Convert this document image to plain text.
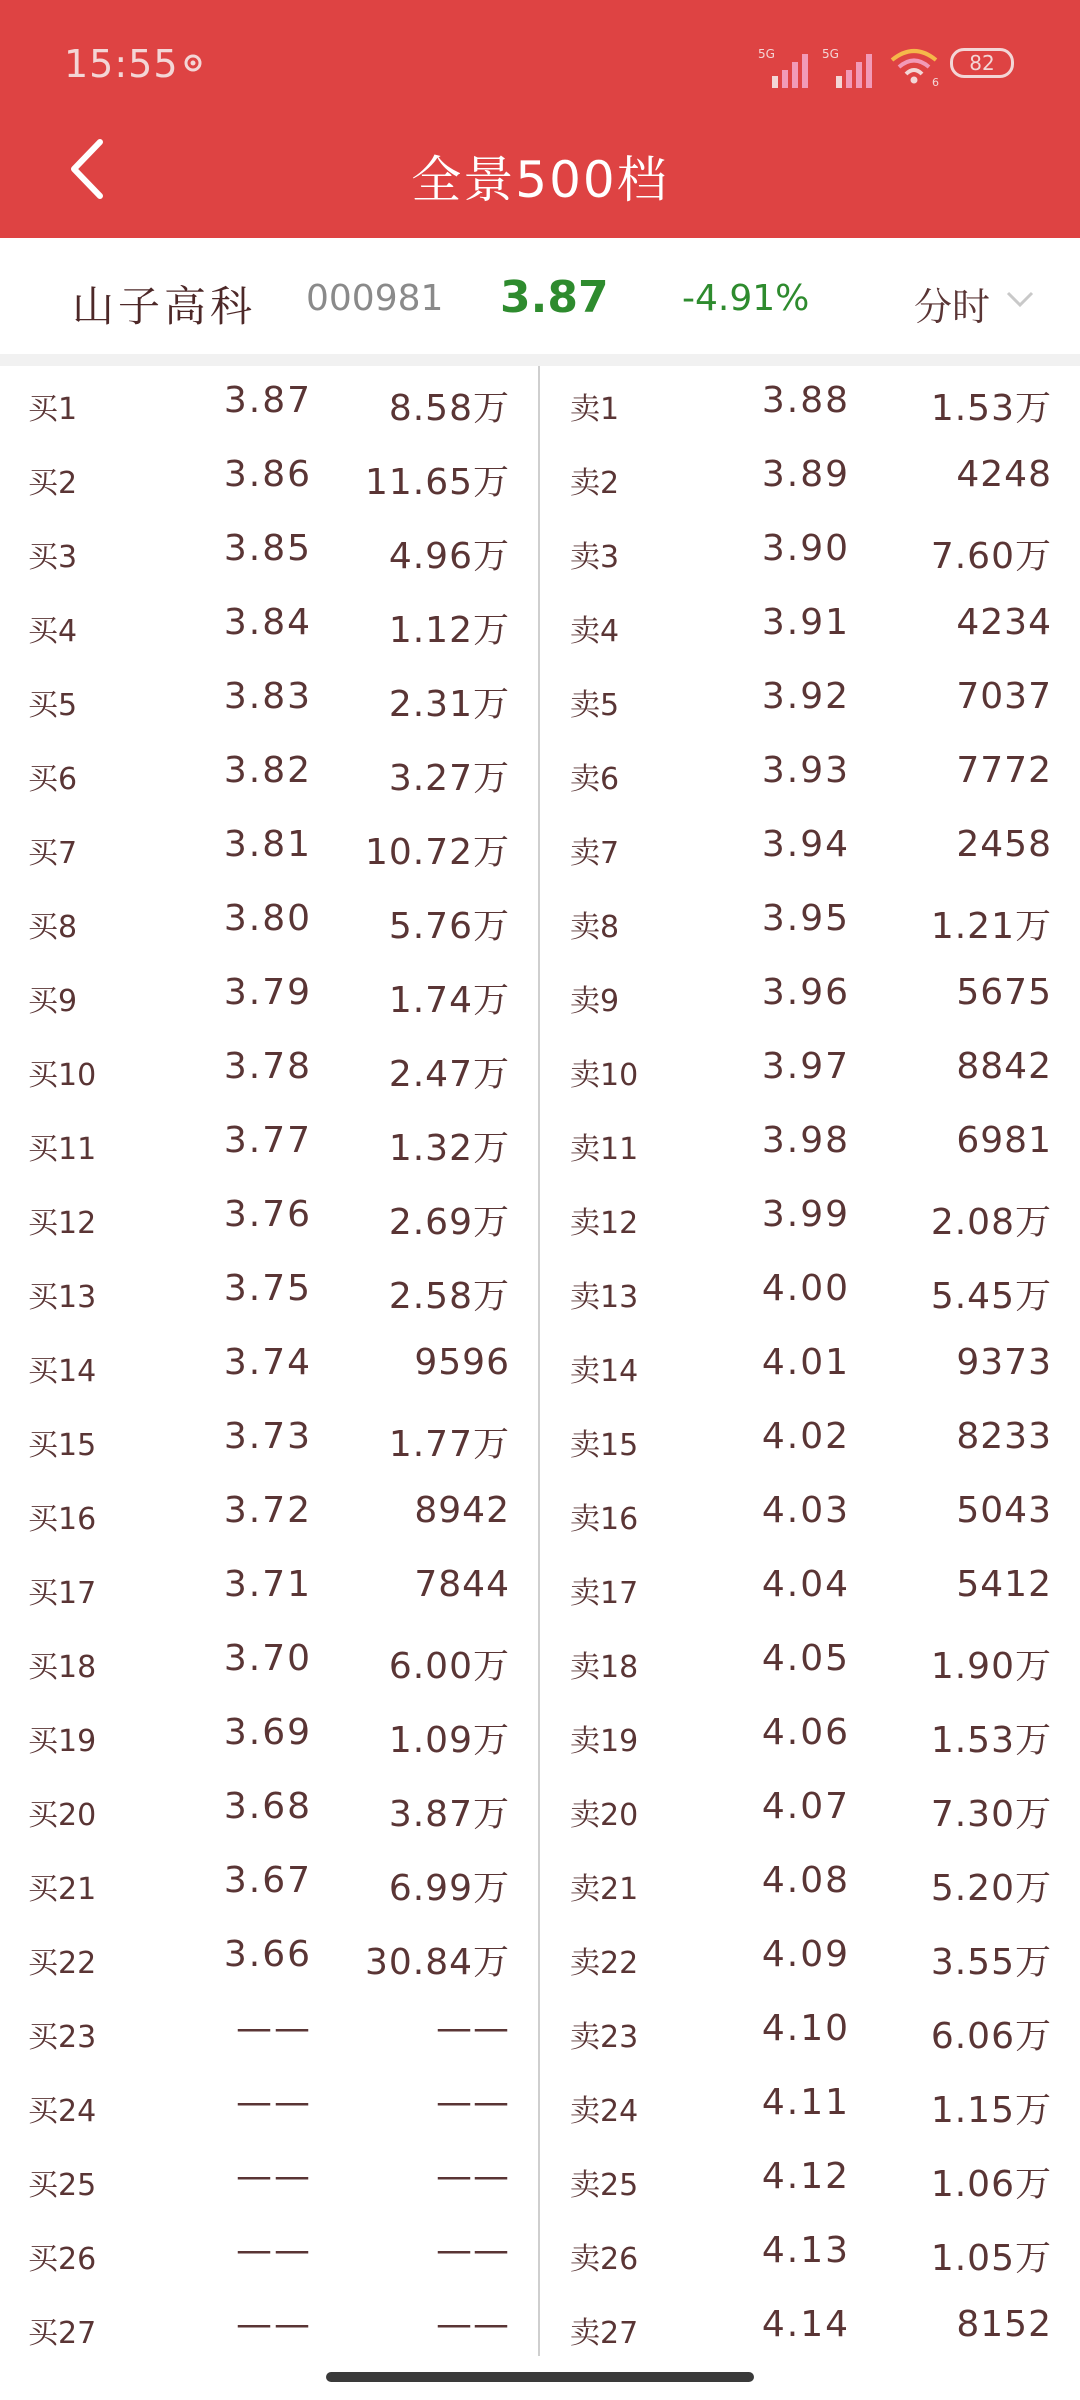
15:55	5G	5G
6
82
全景500档
山子高科 000981 3.87 -4.91%	分时
买1	3.87 8.58万
买2	3.86 11.65万
买3	3.85 4.96万
买4	3.84 1.12万
买5	3.83 2.31万
买6	3.82 3.27万
买7	3.81 10.72万
买8	3.80 5.76万
买9	3.79 1.74万
买10	3.78 2.47万
买11	3.77 1.32万
买12	3.76 2.69万
买13	3.75 2.58万
买14	3.74	9596
买15	3.73 1.77万
买16	3.72	8942
买17	3.71	7844
买18	3.70 6.00万
买19	3.69 1.09万
买20	3.68 3.87万
买21	3.67 6.99万
买22	3.66 30.84万
买23	——	——
买24	——	——
买25	——	——
买26	——	——
买27	——	——
卖1	3.88 1.53万
卖2	3.89	4248
卖3	3.90 7.60万
卖4	3.91	4234
卖5	3.92	7037
卖6	3.93	7772
卖7	3.94	2458
卖8	3.95 1.21万
卖9	3.96	5675
卖10	3.97	8842
卖11	3.98	6981
卖12	3.99 2.08万
卖13	4.00 5.45万
卖14	4.01	9373
卖15	4.02	8233
卖16	4.03	5043
卖17	4.04	5412
卖18	4.05 1.90万
卖19	4.06 1.53万
卖20	4.07 7.30万
卖21	4.08 5.20万
卖22	4.09 3.55万
卖23	4.10 6.06万
卖24	4.11 1.15万
卖25	4.12 1.06万
卖26	4.13 1.05万
卖27	4.14	8152
